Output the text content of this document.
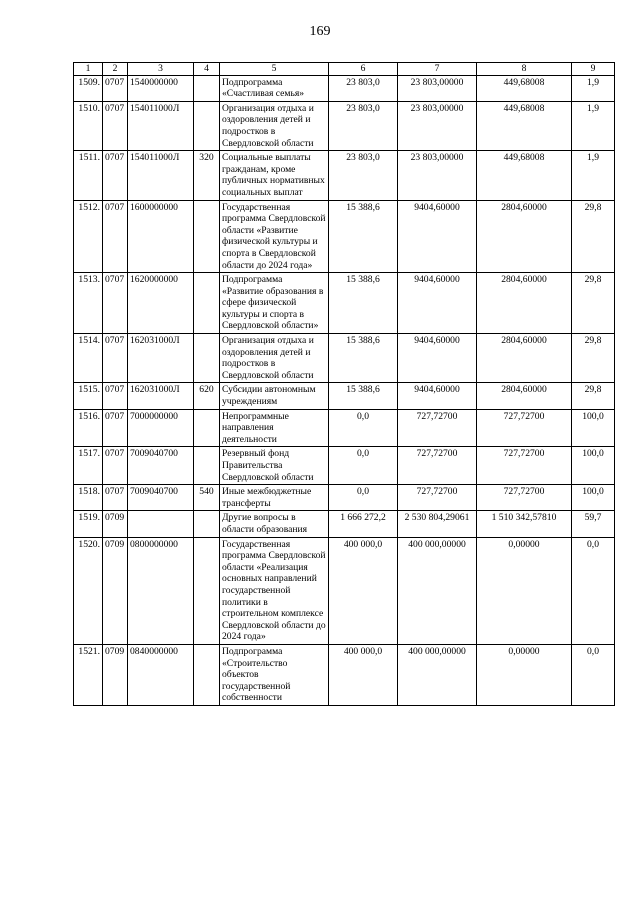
169
1	2	3	4	5	6	7	8	9
1509.	0707	1540000000		Подпрограмма «Счастливая семья»	23 803,0	23 803,00000	449,68008	1,9
1510.	0707	154011000Л		Организация отдыха и оздоровления детей и подростков в Свердловской области	23 803,0	23 803,00000	449,68008	1,9
1511.	0707	154011000Л	320	Социальные выплаты гражданам, кроме публичных нормативных социальных выплат	23 803,0	23 803,00000	449,68008	1,9
1512.	0707	1600000000		Государственная программа Свердловской области «Развитие физической культуры и спорта в Свердловской области до 2024 года»	15 388,6	9404,60000	2804,60000	29,8
1513.	0707	1620000000		Подпрограмма «Развитие образования в сфере физической культуры и спорта в Свердловской области»	15 388,6	9404,60000	2804,60000	29,8
1514.	0707	162031000Л		Организация отдыха и оздоровления детей и подростков в Свердловской области	15 388,6	9404,60000	2804,60000	29,8
1515.	0707	162031000Л	620	Субсидии автономным учреждениям	15 388,6	9404,60000	2804,60000	29,8
1516.	0707	7000000000		Непрограммные направления деятельности	0,0	727,72700	727,72700	100,0
1517.	0707	7009040700		Резервный фонд Правительства Свердловской области	0,0	727,72700	727,72700	100,0
1518.	0707	7009040700	540	Иные межбюджетные трансферты	0,0	727,72700	727,72700	100,0
1519.	0709			Другие вопросы в области образования	1 666 272,2	2 530 804,29061	1 510 342,57810	59,7
1520.	0709	0800000000		Государственная программа Свердловской области «Реализация основных направлений государственной политики в строительном комплексе Свердловской области до 2024 года»	400 000,0	400 000,00000	0,00000	0,0
1521.	0709	0840000000		Подпрограмма «Строительство объектов государственной собственности	400 000,0	400 000,00000	0,00000	0,0
